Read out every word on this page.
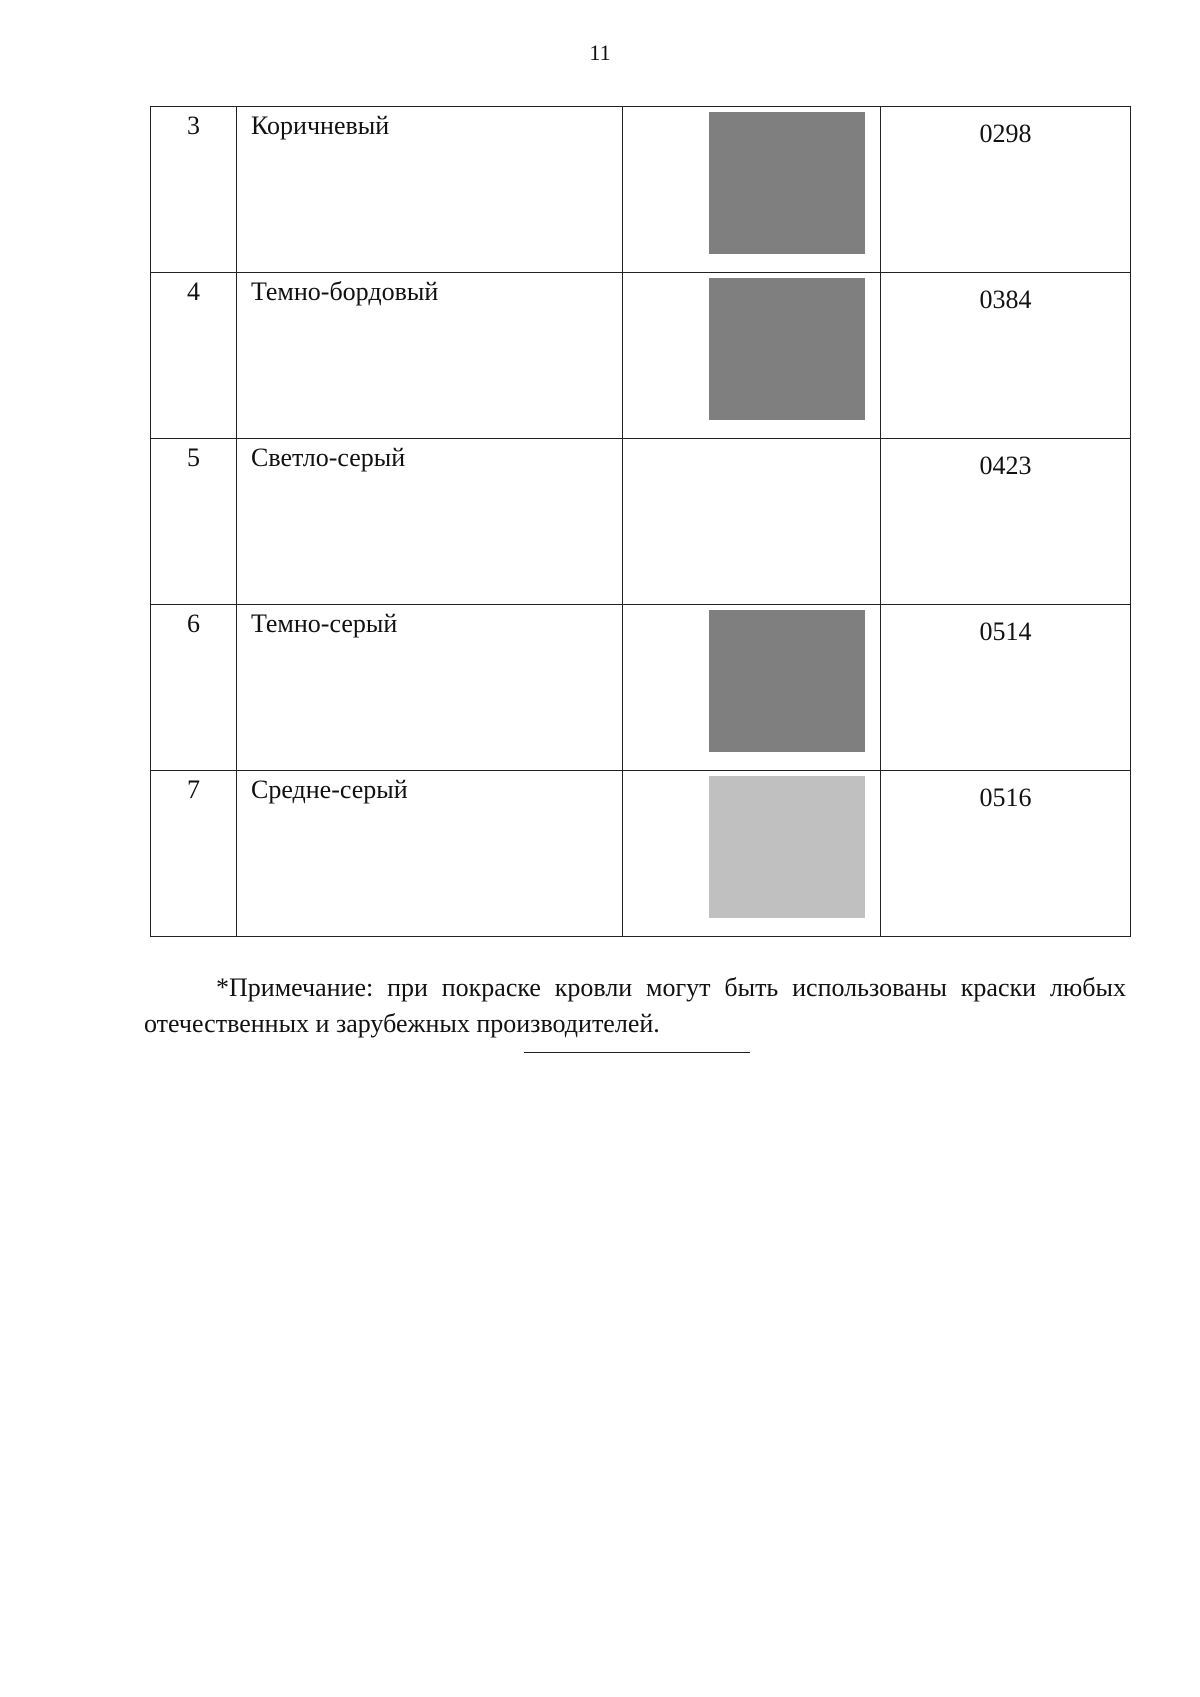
11
3	Коричневый		0298

4	Темно-бордовый		0384

5	Светло-серый		0423

6	Темно-серый		0514

7	Средне-серый		0516

*Примечание: при покраске кровли могут быть использованы краски любых отечественных и зарубежных производителей.
